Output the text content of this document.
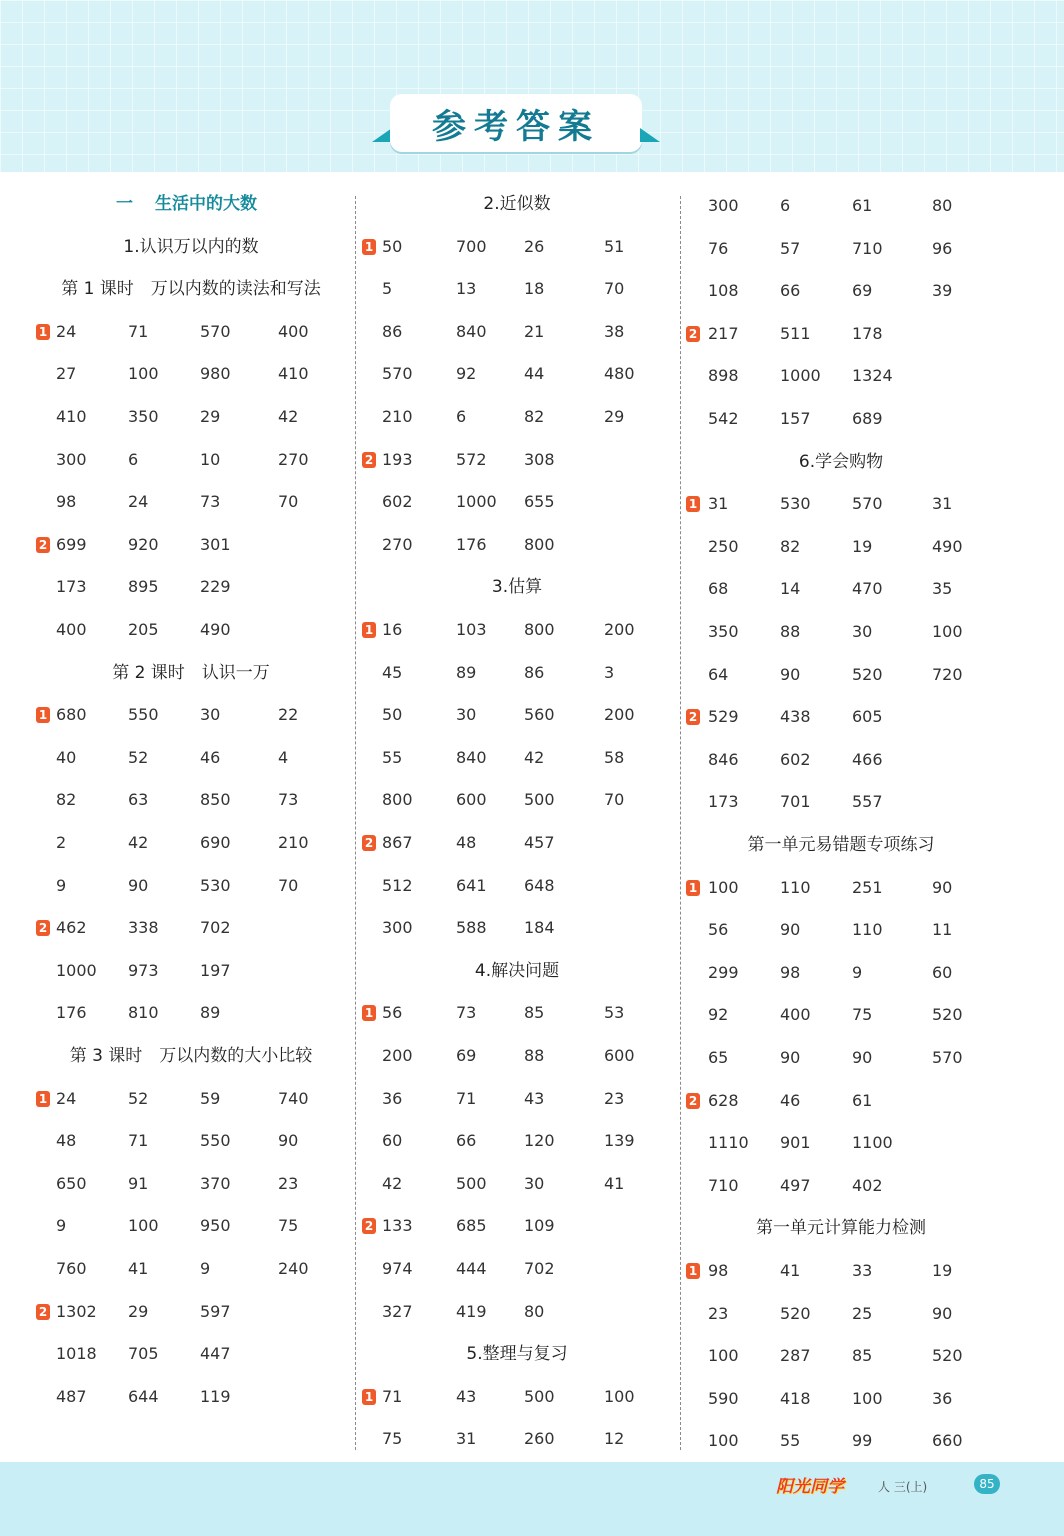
参考答案
一 生活中的大数
1.认识万以内的数
第 1 课时　万以内数的读法和写法
1 24	71	570	400
27	100	980	410
410	350	29	42
300	6	10	270
98	24	73	70
2 699	920	301
173	895	229
400	205	490
第 2 课时　认识一万
1 680	550	30	22
40	52	46	4
82	63	850	73
2	42	690	210
9	90	530	70
2 462	338	702
1000 973	197
176	810	89
第 3 课时　万以内数的大小比较
1 24	52	59	740
48	71	550	90
650	91	370	23
9	100	950	75
760	41	9	240
2 1302 29	597
1018 705	447
487	644	119
2.近似数
1 50	700 26	51
5	13	18	70
86	840 21	38
570	92	44	480
210	6	82	29
2 193	572 308
602	1000 655
270	176 800
3.估算
1 16	103 800	200
45	89	86	3
50	30	560	200
55	840 42	58
800	600 500	70
2 867	48	457
512	641 648
300	588 184
4.解决问题
1 56	73	85	53
200	69	88	600
36	71	43	23
60	66	120	139
42	500 30	41
2 133	685 109
974	444 702
327	419 80
5.整理与复习
1 71	43	500	100
75	31	260	12
300	6	61	80
76	57	710	96
108	66	69	39
2 217	511	178
898	1000 1324
542	157	689
6.学会购物
1 31	530	570	31
250	82	19	490
68	14	470	35
350	88	30	100
64	90	520	720
2 529	438	605
846	602	466
173	701	557
第一单元易错题专项练习
1 100	110	251	90
56	90	110	11
299	98	9	60
92	400	75	520
65	90	90	570
2 628	46	61
1110 901	1100
710	497	402
第一单元计算能力检测
1 98	41	33	19
23	520	25	90
100	287	85	520
590	418	100	36
100	55	99	660
阳光同学	人 三(上)	85
